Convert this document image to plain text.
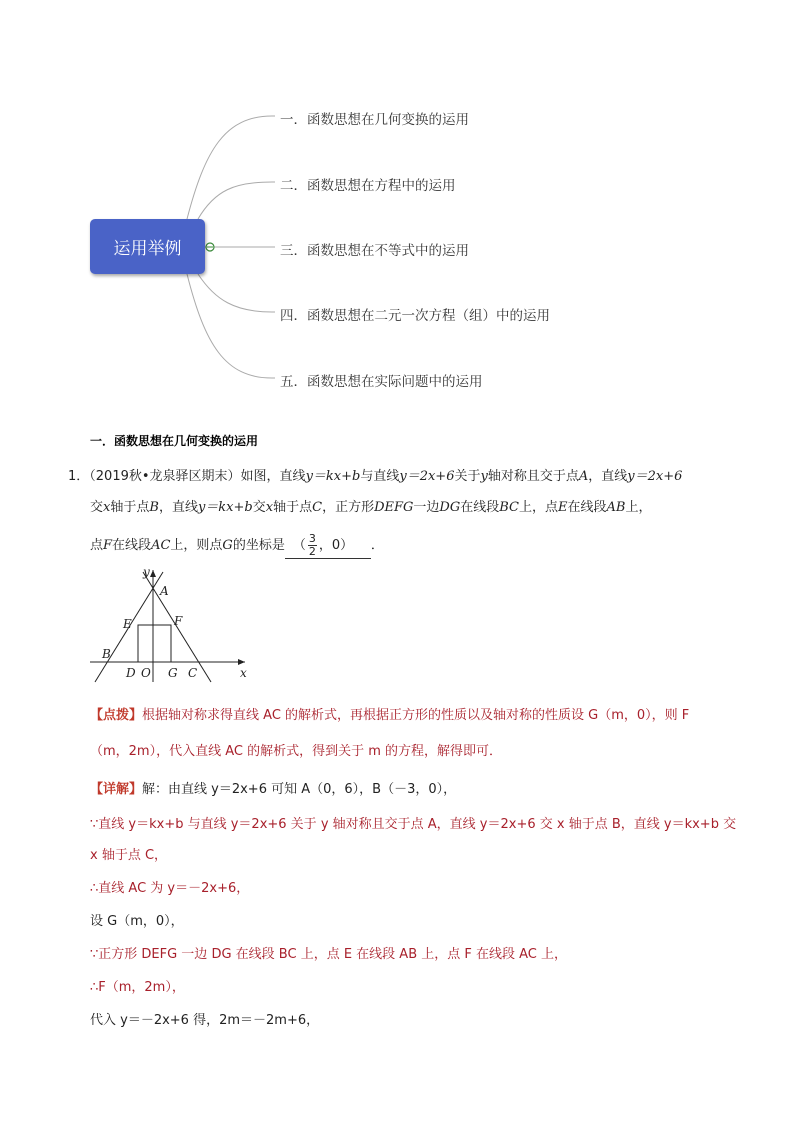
运用举例
一．函数思想在几何变换的运用
二．函数思想在方程中的运用
三．函数思想在不等式中的运用
四．函数思想在二元一次方程（组）中的运用
五．函数思想在实际问题中的运用
一．函数思想在几何变换的运用
1．（2019秋•龙泉驿区期末）如图，直线y＝kx+b与直线y＝2x+6关于y轴对称且交于点A，直线y＝2x+6
交x轴于点B，直线y＝kx+b交x轴于点C，正方形DEFG一边DG在线段BC上，点E在线段AB上，
点F在线段AC上，则点G的坐标是 （ $\frac{3}{2}$ ，0） ．
y
x
A
B
C
D O G
E	F
【点拨】根据轴对称求得直线 AC 的解析式，再根据正方形的性质以及轴对称的性质设 G（m，0），则 F
（m，2m），代入直线 AC 的解析式，得到关于 m 的方程，解得即可．
【详解】解：由直线 y＝2x+6 可知 A（0，6），B（－3，0），
∵直线 y＝kx+b 与直线 y＝2x+6 关于 y 轴对称且交于点 A，直线 y＝2x+6 交 x 轴于点 B，直线 y＝kx+b 交
x 轴于点 C，
∴直线 AC 为 y＝－2x+6，
设 G（m，0），
∵正方形 DEFG 一边 DG 在线段 BC 上，点 E 在线段 AB 上，点 F 在线段 AC 上，
∴F（m，2m），
代入 y＝－2x+6 得，2m＝－2m+6，
